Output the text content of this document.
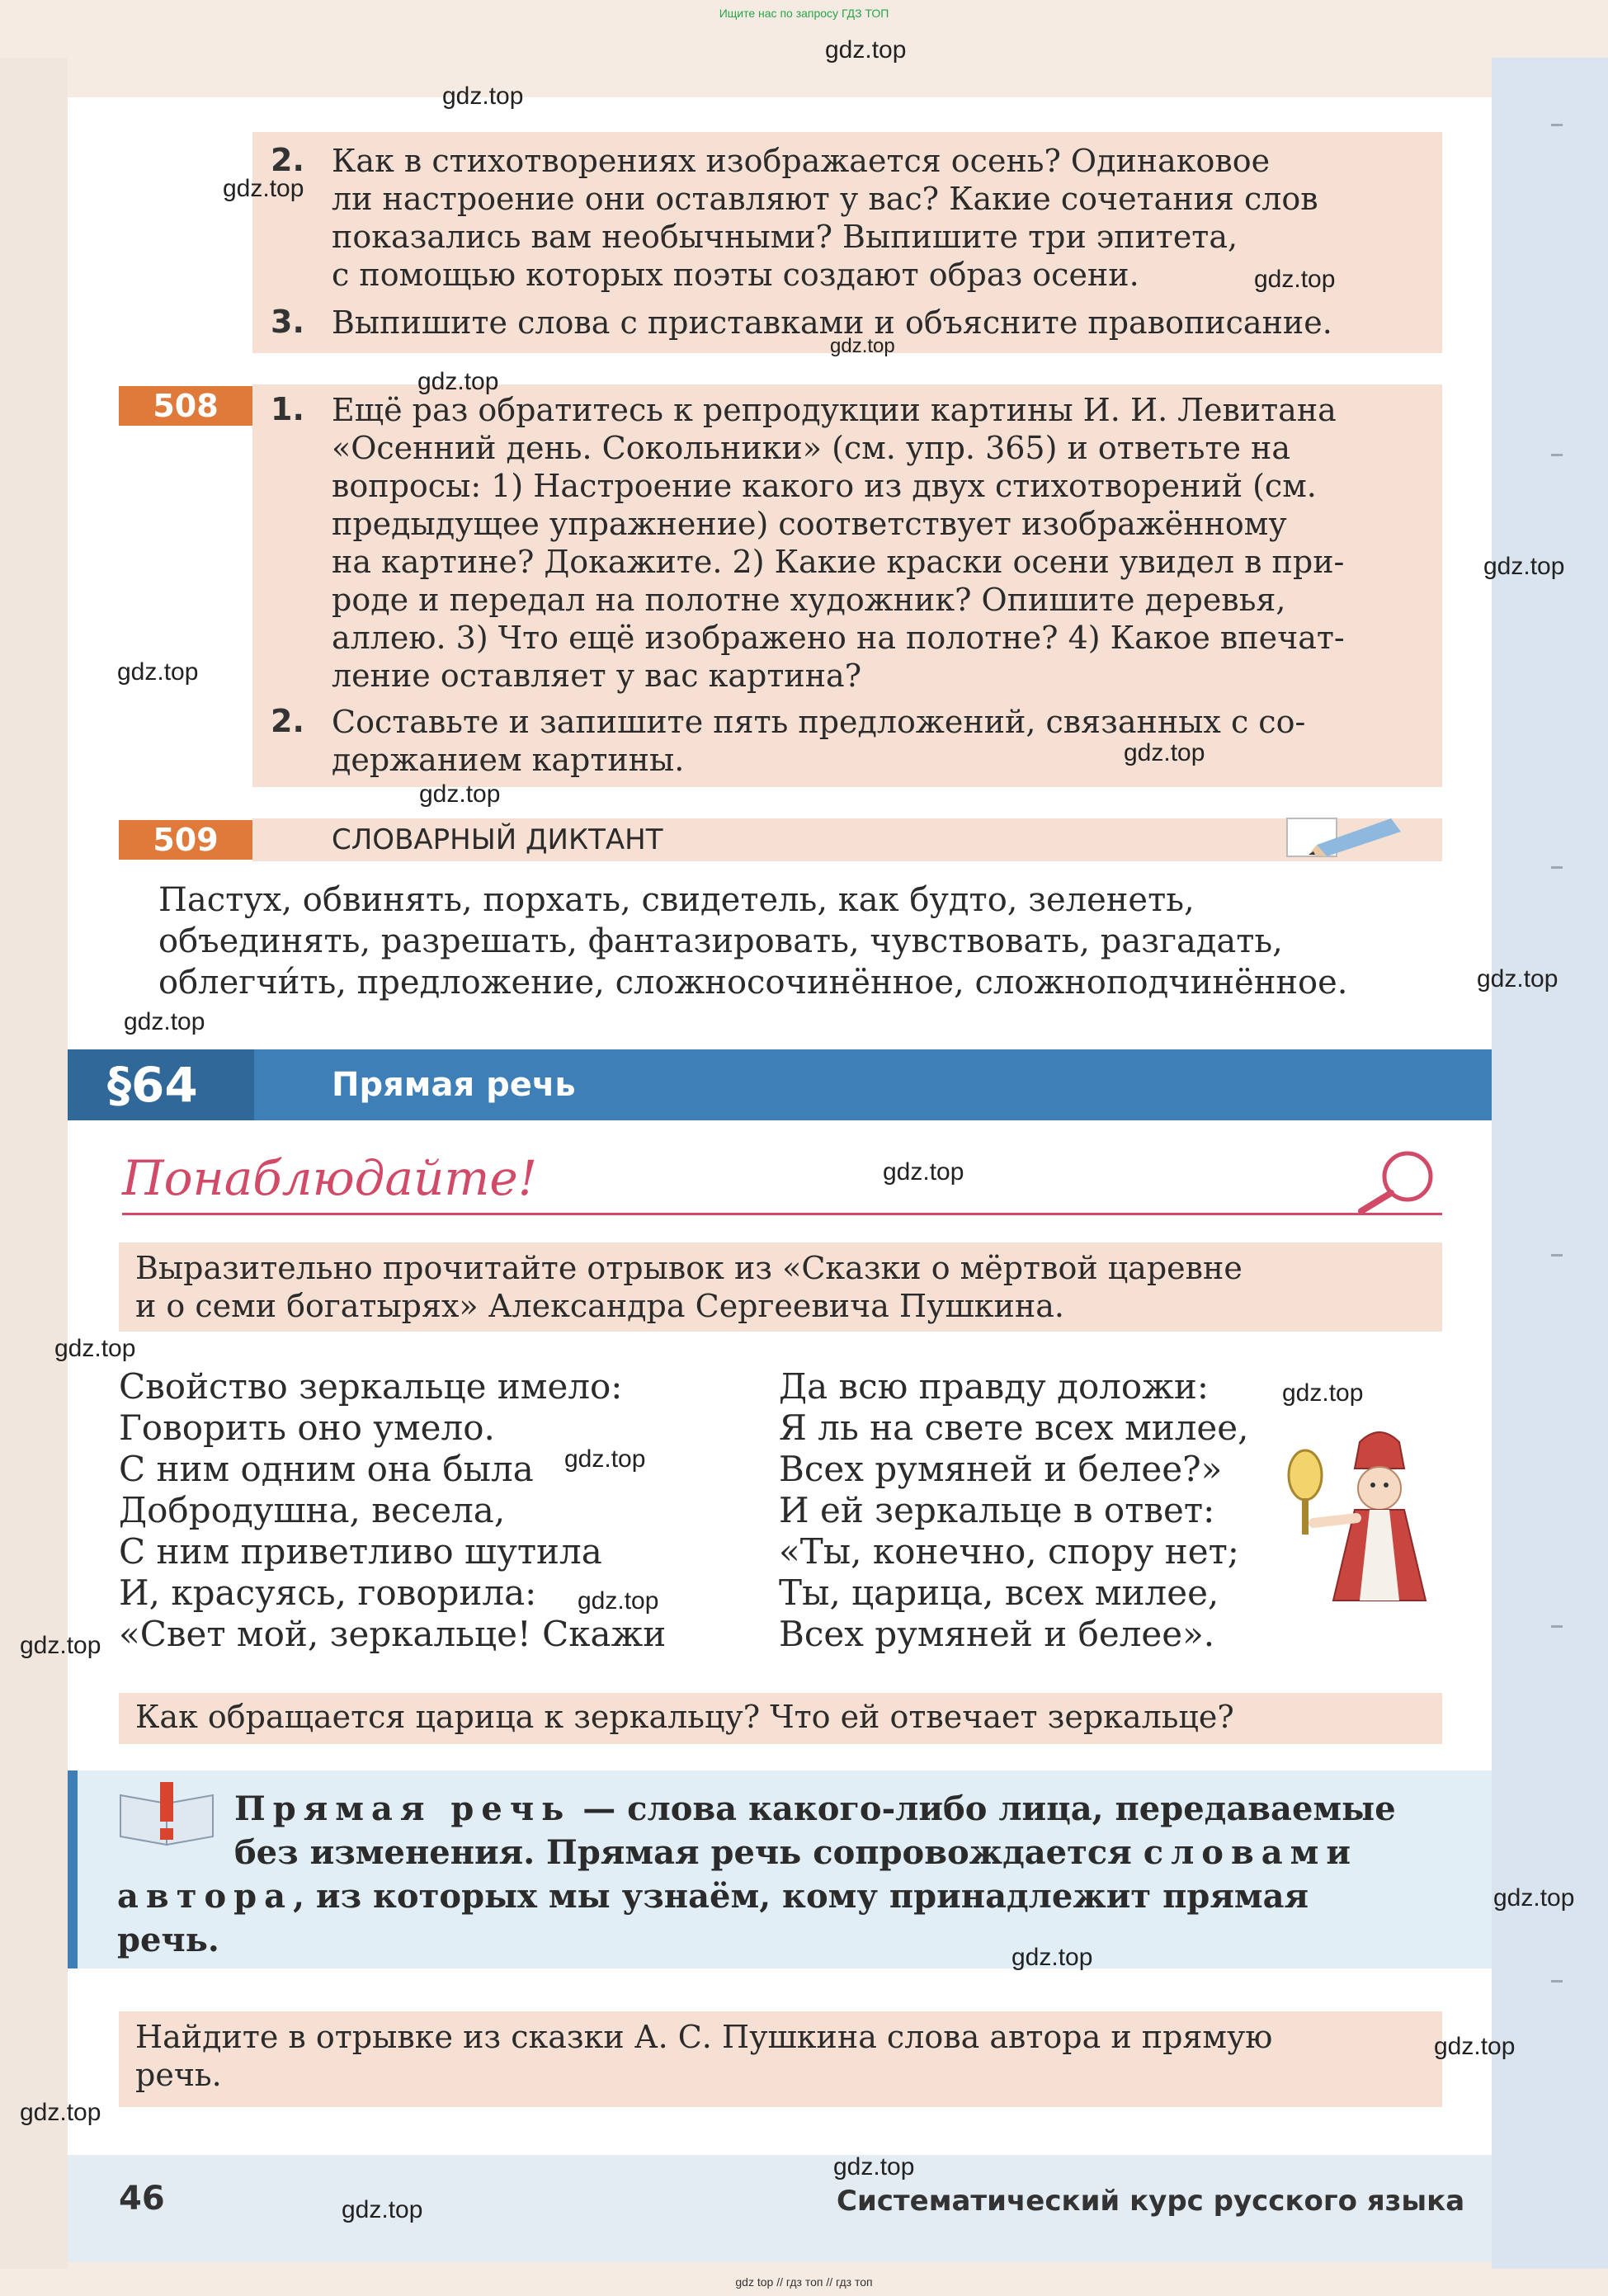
Ищите нас по запросу ГДЗ ТОП
2. Как в стихотворениях изображается осень? Одинаковое
ли настроение они оставляют у вас? Какие сочетания слов
показались вам необычными? Выпишите три эпитета,
с помощью которых поэты создают образ осени.
3. Выпишите слова с приставками и объясните правописание.
508	1. Ещё раз обратитесь к репродукции картины И. И. Левитана
«Осенний день. Сокольники» (см. упр. 365) и ответьте на
вопросы: 1) Настроение какого из двух стихотворений (см.
предыдущее упражнение) соответствует изображённому
на картине? Докажите. 2) Какие краски осени увидел в при-
роде и передал на полотне художник? Опишите деревья,
аллею. 3) Что ещё изображено на полотне? 4) Какое впечат-
ление оставляет у вас картина?
2. Составьте и запишите пять предложений, связанных с со-
держанием картины.
509	СЛОВАРНЫЙ ДИКТАНТ
Пастух, обвинять, порхать, свидетель, как будто, зеленеть,
объединять, разрешать, фантазировать, чувствовать, разгадать,
облегчи́ть, предложение, сложносочинённое, сложноподчинённое.
§64	Прямая речь
Понаблюдайте!
Выразительно прочитайте отрывок из «Сказки о мёртвой царевне
и о семи богатырях» Александра Сергеевича Пушкина.
Свойство зеркальце имело:
Говорить оно умело.
С ним одним она была
Добродушна, весела,
С ним приветливо шутила
И, красуясь, говорила:
«Свет мой, зеркальце! Скажи
Да всю правду доложи:
Я ль на свете всех милее,
Всех румяней и белее?»
И ей зеркальце в ответ:
«Ты, конечно, спору нет;
Ты, царица, всех милее,
Всех румяней и белее».
Как обращается царица к зеркальцу? Что ей отвечает зеркальце?
Прямая речь — слова какого-либо лица, передаваемые
без изменения. Прямая речь сопровождается словами
автора, из которых мы узнаём, кому принадлежит прямая
речь.
Найдите в отрывке из сказки А. С. Пушкина слова автора и прямую
речь.
46	Систематический курс русского языка
gdz.top
gdz.top
gdz.top
gdz.top
gdz.top
gdz.top
gdz.top
gdz.top
gdz.top
gdz.top
gdz.top
gdz.top
gdz.top
gdz.top
gdz.top
gdz.top
gdz.top
gdz.top
gdz.top
gdz.top
gdz.top
gdz.top
gdz.top
gdz.top
gdz top // гдз топ // гдз топ
